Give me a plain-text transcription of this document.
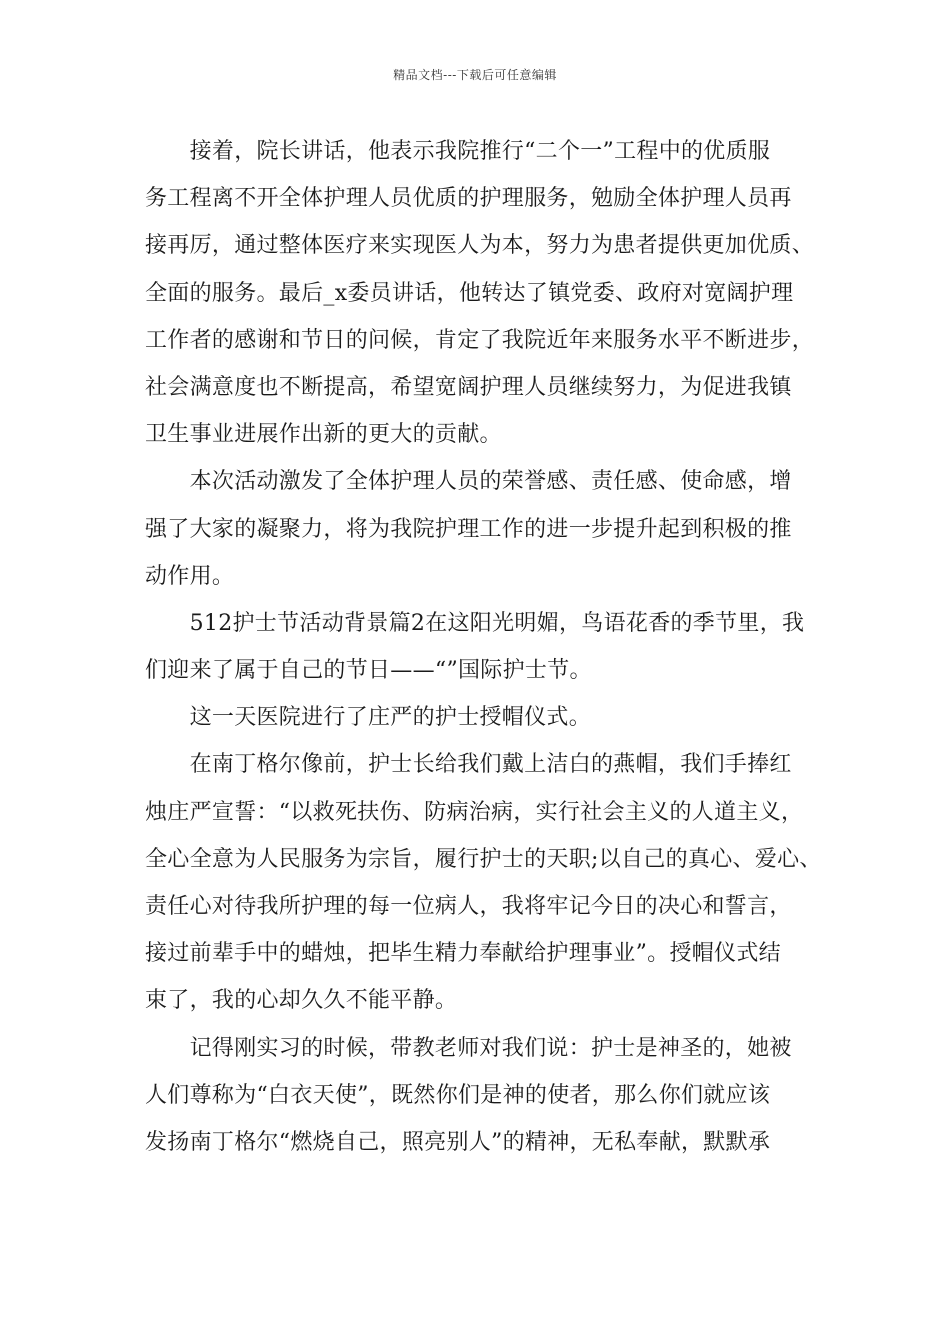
精品文档---下载后可任意编辑
　　接着，院长讲话，他表示我院推行“二个一”工程中的优质服
务工程离不开全体护理人员优质的护理服务，勉励全体护理人员再
接再厉，通过整体医疗来实现医人为本，努力为患者提供更加优质、
全面的服务。最后_x委员讲话，他转达了镇党委、政府对宽阔护理
工作者的感谢和节日的问候，肯定了我院近年来服务水平不断进步，
社会满意度也不断提高，希望宽阔护理人员继续努力，为促进我镇
卫生事业进展作出新的更大的贡献。
　　本次活动激发了全体护理人员的荣誉感、责任感、使命感，增
强了大家的凝聚力，将为我院护理工作的进一步提升起到积极的推
动作用。
　　512护士节活动背景篇2在这阳光明媚，鸟语花香的季节里，我
们迎来了属于自己的节日——“”国际护士节。
　　这一天医院进行了庄严的护士授帽仪式。
　　在南丁格尔像前，护士长给我们戴上洁白的燕帽，我们手捧红
烛庄严宣誓：“以救死扶伤、防病治病，实行社会主义的人道主义，
全心全意为人民服务为宗旨，履行护士的天职;以自己的真心、爱心、
责任心对待我所护理的每一位病人，我将牢记今日的决心和誓言，
接过前辈手中的蜡烛，把毕生精力奉献给护理事业”。授帽仪式结
束了，我的心却久久不能平静。
　　记得刚实习的时候，带教老师对我们说：护士是神圣的，她被
人们尊称为“白衣天使”，既然你们是神的使者，那么你们就应该
发扬南丁格尔“燃烧自己，照亮别人”的精神，无私奉献，默默承
